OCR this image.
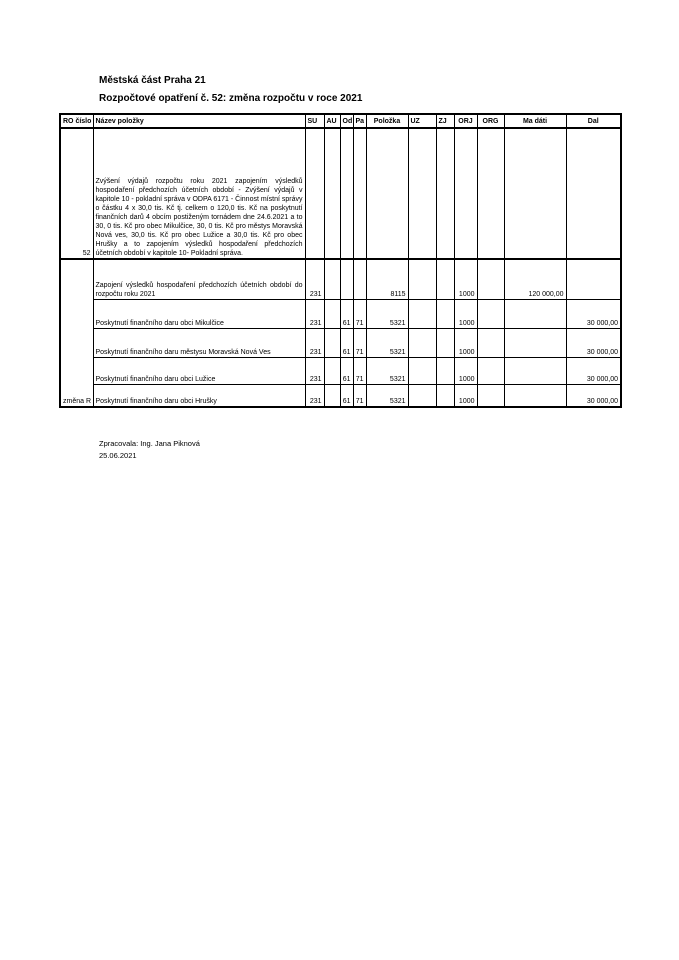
Městská část Praha 21
Rozpočtové opatření č. 52: změna rozpočtu v roce 2021
RO číslo	Název položky	SU	AU	Od	Pa	Položka	UZ	ZJ	ORJ	ORG	Ma dáti	Dal
52	Zvýšení výdajů rozpočtu roku 2021 zapojením výsledků hospodaření předchozích účetních období - Zvýšení výdajů v kapitole 10 - pokladní správa v ODPA 6171 - Činnost místní správy o částku 4 x 30,0 tis. Kč tj. celkem o 120,0 tis. Kč na poskytnutí finančních darů 4 obcím postiženým tornádem dne 24.6.2021 a to 30, 0 tis. Kč pro obec Mikulčice, 30, 0 tis. Kč pro městys Moravská Nová ves, 30,0 tis. Kč pro obec Lužice a 30,0 tis. Kč pro obec Hrušky a to zapojením výsledků hospodaření předchozích účetních období v kapitole 10- Pokladní správa.											
změna R	Zapojení výsledků hospodaření předchozích účetních období do rozpočtu roku 2021	231				8115			1000		120 000,00	
	Poskytnutí finančního daru obci Mikulčice	231		61	71	5321			1000			30 000,00
	Poskytnutí finančního daru městysu Moravská Nová Ves	231		61	71	5321			1000			30 000,00
	Poskytnutí finančního daru obci Lužice	231		61	71	5321			1000			30 000,00
	Poskytnutí finančního daru obci Hrušky	231		61	71	5321			1000			30 000,00
Zpracovala: Ing. Jana Piknová
25.06.2021
